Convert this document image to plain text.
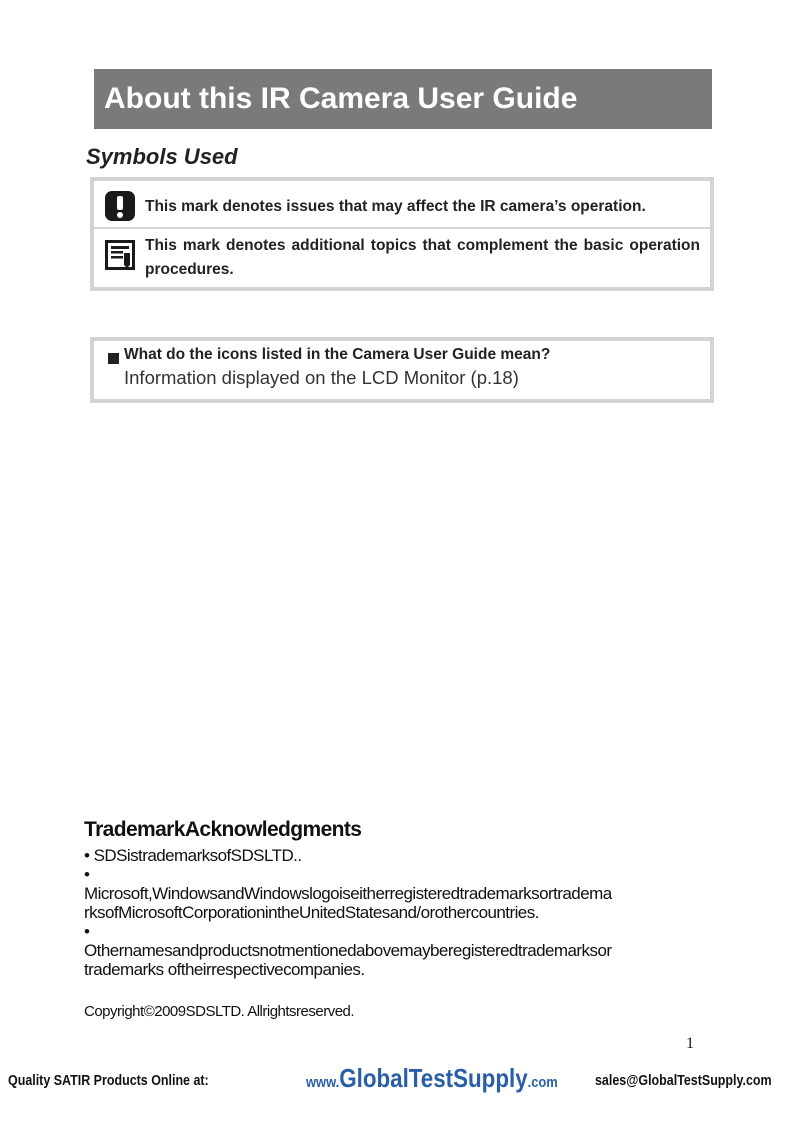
About this IR Camera User Guide
Symbols Used
This mark denotes issues that may affect the IR camera’s operation.
This mark denotes additional topics that complement the basic operation procedures.
What do the icons listed in the Camera User Guide mean?
Information displayed on the LCD Monitor (p.18)
TrademarkAcknowledgments
• SDSistrademarksofSDSLTD..
•
Microsoft,WindowsandWindowslogoiseitherregisteredtrademarksortradema
rksofMicrosoftCorporationintheUnitedStatesand/orothercountries.
•
Othernamesandproductsnotmentionedabovemayberegisteredtrademarksor
trademarks oftheirrespectivecompanies.
Copyright©2009SDSLTD. Allrightsreserved.
1
Quality SATIR Products Online at:	www.GlobalTestSupply.com	sales@GlobalTestSupply.com
